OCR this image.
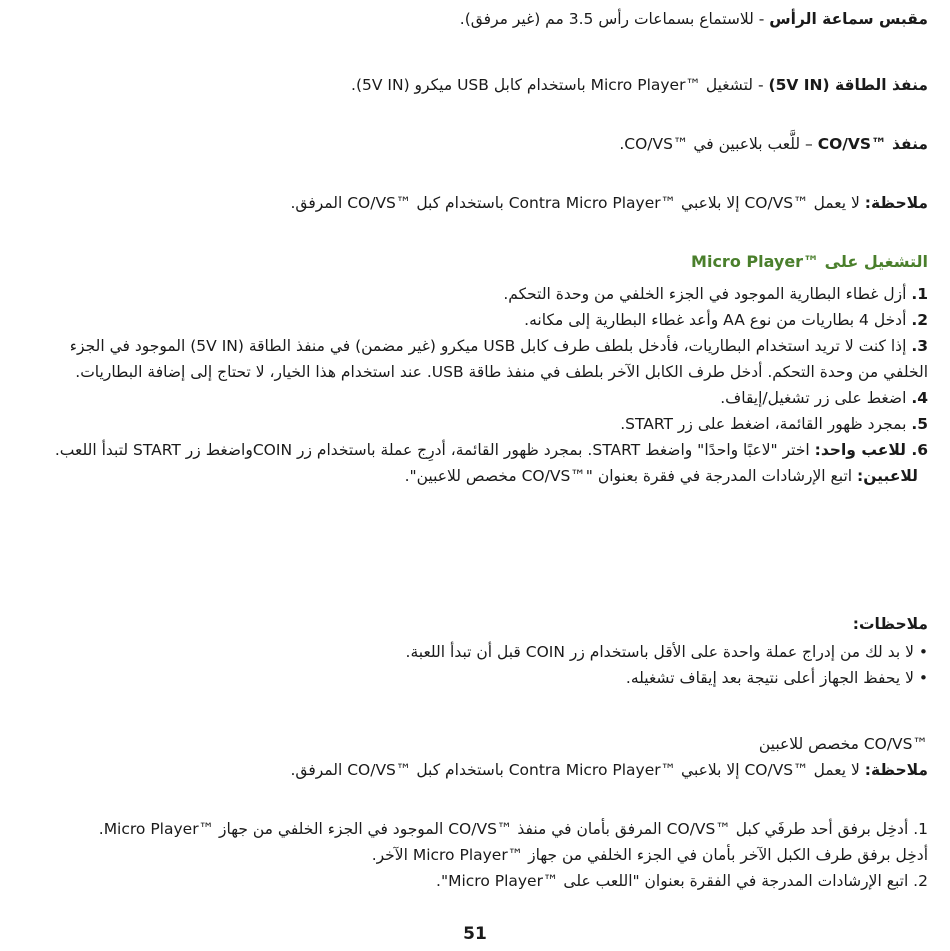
مقبس سماعة الرأس - للاستماع بسماعات رأس 3.5 مم (غير مرفق).

منفذ الطاقة (5V IN) - لتشغيل ™Micro Player باستخدام كابل USB ميكرو (5V IN).

منفذ ™CO/VS – للَّعب بلاعبين في ™CO/VS.

ملاحظة: لا يعمل ™CO/VS إلا بلاعبي ™Contra Micro Player باستخدام كبل ™CO/VS المرفق.

التشغيل على ™Micro Player

1. أزل غطاء البطارية الموجود في الجزء الخلفي من وحدة التحكم.

2. أدخل 4 بطاريات من نوع AA وأعد غطاء البطارية إلى مكانه.

3. إذا كنت لا تريد استخدام البطاريات، فأدخل بلطف طرف كابل USB ميكرو (غير مضمن) في منفذ الطاقة (5V IN) الموجود في الجزء الخلفي من وحدة التحكم. أدخل طرف الكابل الآخر بلطف في منفذ طاقة USB. عند استخدام هذا الخيار، لا تحتاج إلى إضافة البطاريات.

4. اضغط على زر تشغيل/إيقاف.

5. بمجرد ظهور القائمة، اضغط على زر START.

6. للاعب واحد: اختر "لاعبًا واحدًا" واضغط START. بمجرد ظهور القائمة، أدرِج عملة باستخدام زر COINواضغط زر START لتبدأ اللعب.

للاعبين: اتبع الإرشادات المدرجة في فقرة بعنوان "™CO/VS مخصص للاعبين".

ملاحظات:

• لا بد لك من إدراج عملة واحدة على الأقل باستخدام زر COIN قبل أن تبدأ اللعبة.

• لا يحفظ الجهاز أعلى نتيجة بعد إيقاف تشغيله.

™CO/VS مخصص للاعبين

ملاحظة: لا يعمل ™CO/VS إلا بلاعبي ™Contra Micro Player باستخدام كبل ™CO/VS المرفق.

1. أدخِل برفق أحد طرفَي كبل ™CO/VS المرفق بأمان في منفذ ™CO/VS الموجود في الجزء الخلفي من جهاز ™Micro Player.

أدخِل برفق طرف الكبل الآخر بأمان في الجزء الخلفي من جهاز ™Micro Player الآخر.

2. اتبع الإرشادات المدرجة في الفقرة بعنوان "اللعب على ™Micro Player".

51
